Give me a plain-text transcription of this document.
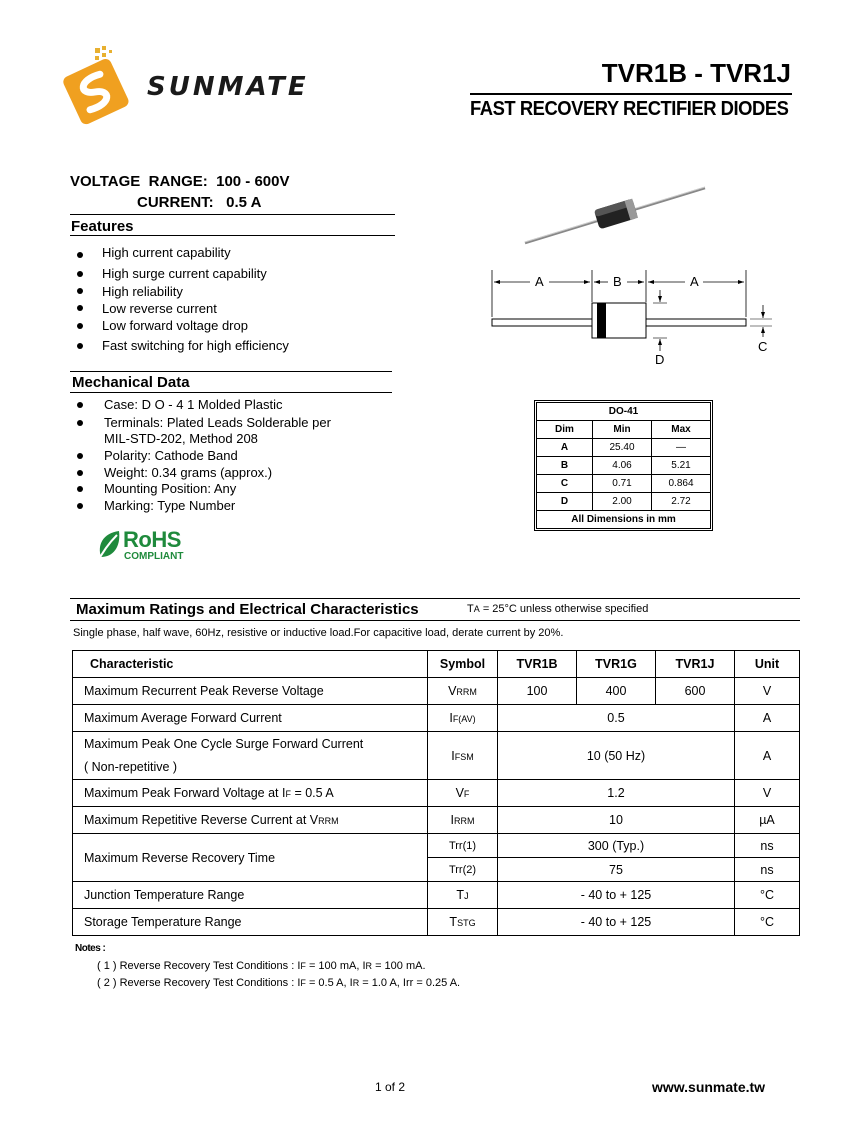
SUNMATE	TVR1B - TVR1J
FAST RECOVERY RECTIFIER DIODES
VOLTAGE  RANGE:  100 - 600V
CURRENT:   0.5 A
Features
High current capability
High surge current capability
High reliability
Low reverse current
Low forward voltage drop
Fast switching for high efficiency
Mechanical Data
Case: D O - 4 1 Molded Plastic
Terminals: Plated Leads Solderable per
MIL-STD-202, Method 208
Polarity: Cathode Band
Weight: 0.34 grams (approx.)
Mounting Position: Any
Marking: Type Number
RoHS
COMPLIANT
A	B	A
C
D
DO-41		
Dim	Min	Max
A	25.40	—
B	4.06	5.21
C	0.71	0.864
D	2.00	2.72
All Dimensions in mm		
Maximum Ratings and Electrical Characteristics	TA = 25°C unless otherwise specified
Single phase, half wave, 60Hz, resistive or inductive load.For capacitive load, derate current by 20%.
Characteristic	Symbol	TVR1B	TVR1G	TVR1J	Unit
Maximum Recurrent Peak Reverse Voltage	VRRM	100	400	600	V
Maximum Average Forward Current	IF(AV)	0.5			A

Maximum Peak One Cycle Surge Forward Current
( Non-repetitive )	IFSM	10 (50 Hz)			A
Maximum Peak Forward Voltage at IF = 0.5 A	VF	1.2			V
Maximum Repetitive Reverse Current at VRRM	IRRM	10			µA
Maximum Reverse Recovery Time	Trr(1)	300 (Typ.)			ns
	Trr(2)	75			ns
Junction Temperature Range	TJ	- 40 to + 125			°C
Storage Temperature Range	TSTG	- 40 to + 125			°C
Notes :
( 1 ) Reverse Recovery Test Conditions : IF = 100 mA, IR = 100 mA.
( 2 ) Reverse Recovery Test Conditions : IF = 0.5 A, IR = 1.0 A, Irr = 0.25 A.
1 of 2	www.sunmate.tw
